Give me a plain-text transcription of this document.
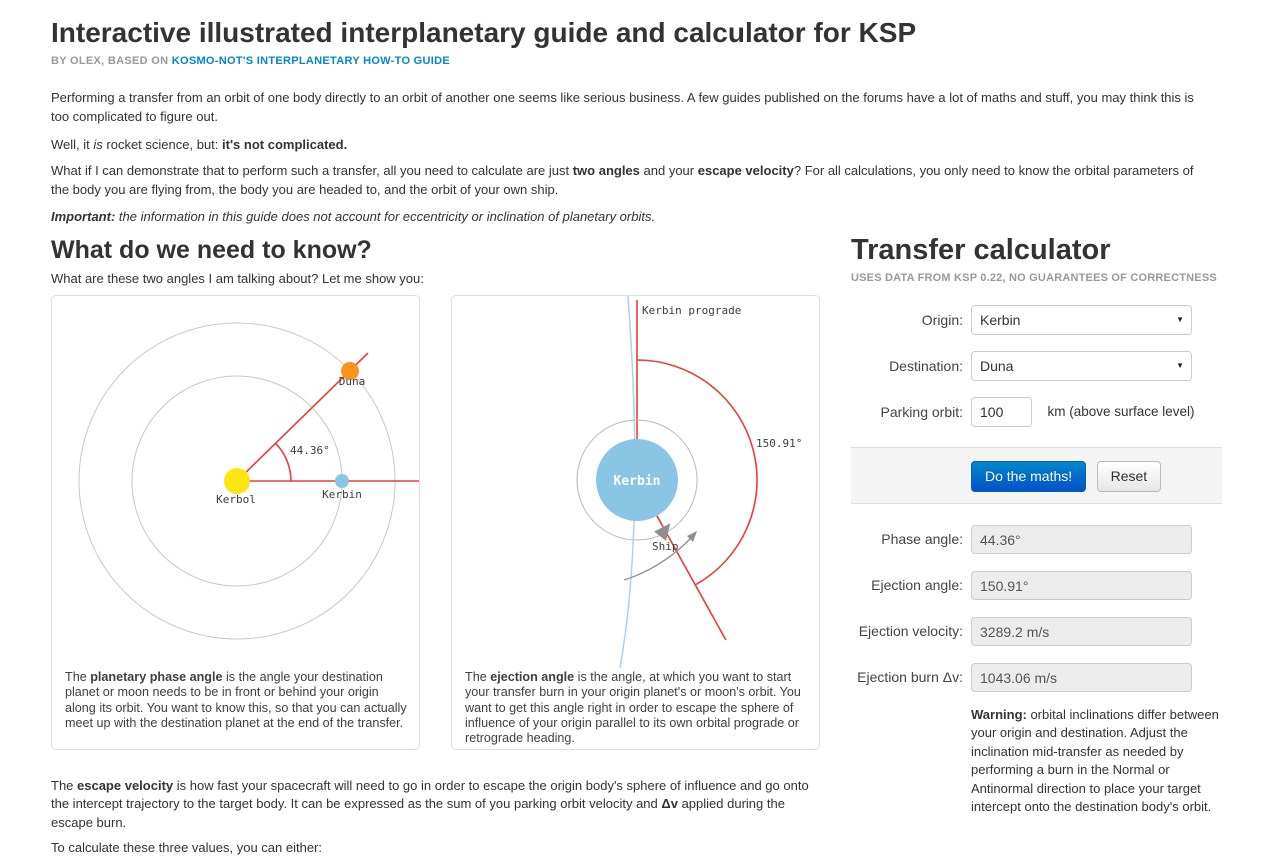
Interactive illustrated interplanetary guide and calculator for KSP
BY OLEX, BASED ON KOSMO-NOT'S INTERPLANETARY HOW-TO GUIDE

Performing a transfer from an orbit of one body directly to an orbit of another one seems like serious business. A few guides published on the forums have a lot of maths and stuff, you may think this is too complicated to figure out.

Well, it is rocket science, but: it's not complicated.

What if I can demonstrate that to perform such a transfer, all you need to calculate are just two angles and your escape velocity? For all calculations, you only need to know the orbital parameters of the body you are flying from, the body you are headed to, and the orbit of your own ship.

Important: the information in this guide does not account for eccentricity or inclination of planetary orbits.

What do we need to know?

What are these two angles I am talking about? Let me show you:

Kerbol	Kerbin
Duna
44.36°

The planetary phase angle is the angle your destination planet or moon needs to be in front or behind your origin along its orbit. You want to know this, so that you can actually meet up with the destination planet at the end of the transfer.

Kerbin
Ship
Kerbin prograde
150.91°

The ejection angle is the angle, at which you want to start your transfer burn in your origin planet's or moon's orbit. You want to get this angle right in order to escape the sphere of influence of your origin parallel to its own orbital prograde or retrograde heading.

The escape velocity is how fast your spacecraft will need to go in order to escape the origin body's sphere of influence and go onto the intercept trajectory to the target body. It can be expressed as the sum of you parking orbit velocity and Δv applied during the escape burn.

To calculate these three values, you can either:

Transfer calculator
USES DATA FROM KSP 0.22, NO GUARANTEES OF CORRECTNESS
Origin:
Kerbin	▼
Destination:
Duna	▼
Parking orbit:
100	km (above surface level)
Do the maths!	Reset
Phase angle:
44.36°
Ejection angle:
150.91°
Ejection velocity:
3289.2 m/s
Ejection burn Δv:
1043.06 m/s

Warning: orbital inclinations differ between your origin and destination. Adjust the inclination mid-transfer as needed by performing a burn in the Normal or Antinormal direction to place your target intercept onto the destination body's orbit.
